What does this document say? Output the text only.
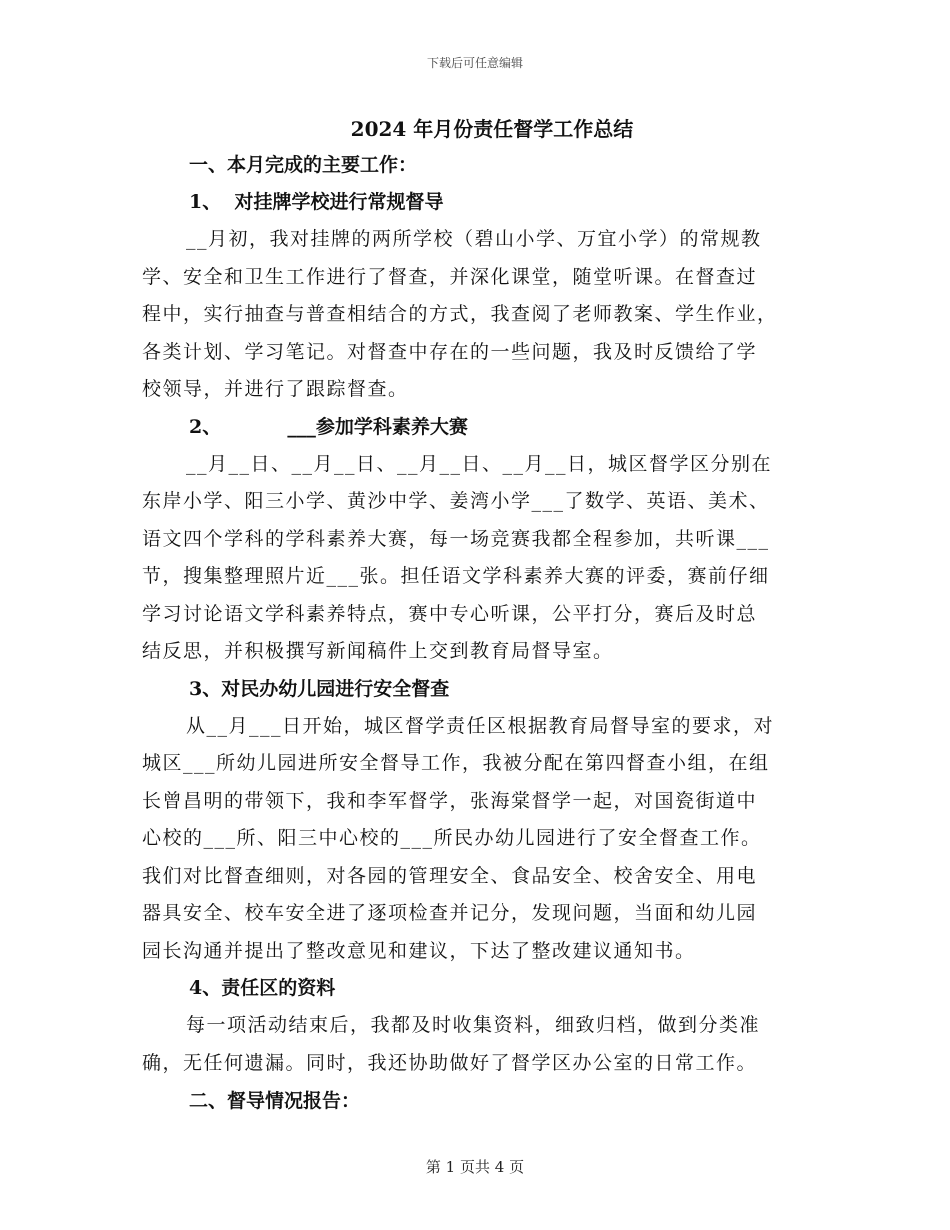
下载后可任意编辑
2024 年月份责任督学工作总结
一、本月完成的主要工作：
1、  对挂牌学校进行常规督导
__月初，我对挂牌的两所学校（碧山小学、万宜小学）的常规教
学、安全和卫生工作进行了督查，并深化课堂，随堂听课。在督查过
程中，实行抽查与普查相结合的方式，我查阅了老师教案、学生作业，
各类计划、学习笔记。对督查中存在的一些问题，我及时反馈给了学
校领导，并进行了跟踪督查。
2、          ___参加学科素养大赛
__月__日、__月__日、__月__日、__月__日，城区督学区分别在
东岸小学、阳三小学、黄沙中学、姜湾小学___了数学、英语、美术、
语文四个学科的学科素养大赛，每一场竞赛我都全程参加，共听课___
节，搜集整理照片近___张。担任语文学科素养大赛的评委，赛前仔细
学习讨论语文学科素养特点，赛中专心听课，公平打分，赛后及时总
结反思，并积极撰写新闻稿件上交到教育局督导室。
3、对民办幼儿园进行安全督查
从__月___日开始，城区督学责任区根据教育局督导室的要求，对
城区___所幼儿园进所安全督导工作，我被分配在第四督查小组，在组
长曾昌明的带领下，我和李军督学，张海棠督学一起，对国瓷街道中
心校的___所、阳三中心校的___所民办幼儿园进行了安全督查工作。
我们对比督查细则，对各园的管理安全、食品安全、校舍安全、用电
器具安全、校车安全进了逐项检查并记分，发现问题，当面和幼儿园
园长沟通并提出了整改意见和建议，下达了整改建议通知书。
4、责任区的资料
每一项活动结束后，我都及时收集资料，细致归档，做到分类准
确，无任何遗漏。同时，我还协助做好了督学区办公室的日常工作。
二、督导情况报告：
第 1 页共 4 页
